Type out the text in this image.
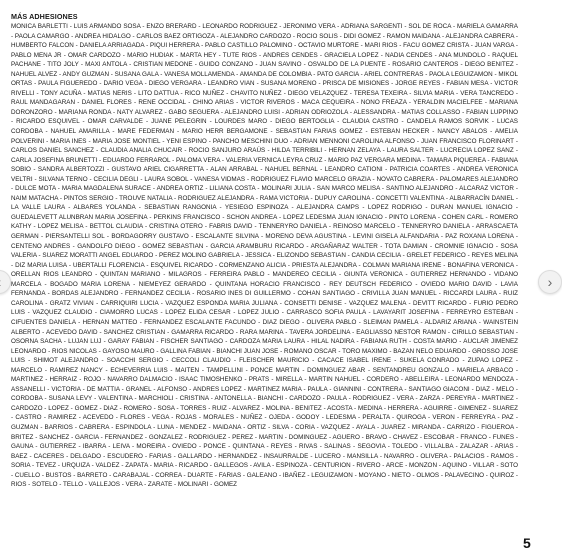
MÁS ADHESIONES

MONICA BARLETTI - LUIS ARMANDO SOSA - ENZO BRERARD - LEONARDO RODRIGUEZ - JERONIMO VERA - ADRIANA SARGENTI - SOL DE ROCA - MARIELA GAMARRA - PAOLA CAMARGO - ANDREA HIDALGO - CARLOS BAEZ ORTIGOZA - ALEJANDRO CARDOZO - ROCIO SOLIS - DIDI GOMEZ - RAMON MAIDANA - ALEJANDRA CABRERA - HUMBERTO FALCON - DANIELA ARRIAGADA - PIQUI HERRERA - PABLO CASTILLO PALOMINO - OCTAVIO MURTORE - MARI RIOS - FACU GOMEZ CRISTA - JUAN VARGA - PABLO MENA JR - OMAR CARDOZO - MARIO HUDIAK - MARTA HEY - TUTE RIOS - ANDRES CENDES - GRACIELA LOPEZ - NADIA CENDES - ANA MUNDOLO - RAQUEL PACHANE - TITO JOLY - MAXI ANTOLA - CRISTIAN MEDONE - GUIDO CONZANO - JUAN SAVINO - OSVALDO DE LA PUENTE - ROSARIO CANTEROS - DIEGO BENITEZ - NAHUEL ALVEZ - ANDY GUZMAN - SUSANA GALA - VANESA MOLLAMENDA - AMANDA DE COLOMBIA - PATO GARCIA - ARIEL CONTRERAS - PAOLA LEGUIZAMON - MIKOL ORTAS - PAULA FIGUEREDO - DARIO VEGA - DIEGO VERGARA - LEANDRO VIAN - SUSANA MORENO - PRISCA DE MISIONES - JORGE REYES - FABIAN MESA - VICTOR RIVELLI - TONY ACUÑA - MATIAS NERIS - LITO DATTUA - RICO NUÑEZ - CHAVITO NUÑEZ - DIEGO VELAZQUEZ - TERESA TEXEIRA - SILVIA MARIA - VERA TANCREDO - RAUL MANDAGARAN - DANIEL FLORES - RENE OCCIDAL - CHINO ARIAS - VICTOR RIVEROS - MACA CEQUEIRA - NONO FREAZA - YERALDIN MACIELFEE - MARIANA DORONZORO - MARIANA RONDA - NATY ALVAREZ - GABO SEGUERA - ALEJANDRO LUISI - ADRIAN ODRIOZOLA - ALESSANDRA - MATIAS COLLASSO - FABIAN LUPPINO - RICARDO ESQUIVEL - OMAR CARVALDE - JUANE PELEGRIN - LOURDES MARO - DIEGO BERTOGLIA - CLAUDIA CASTRO - CANDELA RAMOS SORVIK - LUCAS CORDOBA - NAHUEL AMARILLA - MARE FEDERMAN - MARIO HERR BERGAMONE - SEBASTIAN FARIAS GOMEZ - ESTEBAN HECKER - NANCY ABALOS - AMELIA POLVERINI - MARIA INES - MARIA JOSE MONTIEL - YENI ESPINO - PANCHO MESCHINI DUO - ADRIAN MENNONI CAROLINA ALFONSO - JUAN FRANCISCO FLORINART - CARLOS DANIEL SANCHEZ - CLAUDIA ANALIA CHUCAIR - ROCIO SANJURO ARAÚS - HILDA TERRIBILI - HERNAN ZELAYA - LAURA SALTER - LUCRECIA LOPEZ SANZ - CARLA JOSEFINA BRUNETTI - EDUARDO FERRAROL - PALOMA VERA - VALERIA VERNICA LEYRA CRUZ - MARIO PAZ VERGARA MEDINA - TAMARA PIQUEREA - FABIANA SOBIO - SANDRA ALBERTOZZI - GUSTAVO ARIEL CIGARRETTA - ALAN ARRABAL - NAHUEL BERNAL - LEANDRO CATIONI - PATRICIA COARTES - ANDREA VERONICA VELTRI - SILVANA TERNO - CECILIA DEGLI - LAURA SOBOL - VANESA VIDMAS - RODRIGUEZ FLAVIO MARCELO GRAZIA - NOVATO CABRERA - PALOMARES ALEJANDRO - DULCE MOTA - MARIA MAGDALENA SURACE - ANDREA ORTIZ - LILIANA COSTA - MOLINARI JULIA - SAN MARCO MELISA - SANTINO ALEJANDRO - ALCARAZ VICTOR - NAIM MATACHA - PINTOS SERGIO - TROUVE NATALIA - RODRIGUEZ ALEJANDRA - RAMA VICTORIA - DUPUY CAROLINA - CONCETTI VALENTINA - ALBARRACÍN DANIEL - LA VALLE LAURA - ALBARES YOLANDA - SEBASTIAN RANGONIA - YESIEGO ESPINOZA - ALEJANDRA CAMPS - LOPEZ RODRIGO - DURAN MANUEL IGNACIO - GUEDALEVETT ALUNBRAN MARIA JOSEFINA - PERKINS FRANCISCO - SCHON ANDREA - LOPEZ LEDESMA JUAN IGNACIO - PINTO LORENA - COHEN CARL - ROMERO KATHY - LOPEZ MELISA - BETTOL CLAUDIA - CRISTINA OTERO - FABRIS DAVID - TENNERYRO DANIELA - REINOSO MARCELO - TENNERYRO DANIELA - ARRASCAETA GERMAN - PIERSANTELLI SOL - BORDAGORRY GUSTAVO - ESCALANTE SILVINA - MORENO DEVA AGUSTINA - LEVINI GISELA ALFANDARIA - PAZ ROXANA LORENA - CENTENO ANDRES - GANDOLFO DIEGO - GOMEZ SEBASTIAN - GARCIA ARAMBURU RICARDO - ARGAÑARAZ WALTER - TOTA DAMIAN - CROMNIE IGNACIO - SOSA VALERIA - SUAREZ MORATTI ANGEL EDUARDO - PEREZ MOLINO GABRIELA - JESSICA - ELIZONDO SEBASTIAN - CANDIA CECILIA - GRELET FEDERICO - REYES MELINA - DIZ MARIA LUISA - UBERTALLI FLORENCIA - ESQUIVEL RICARDO - CORMENZANO ALICIA - PRIESTA ALEJANDRA - COLMAN MARIANA IRENE - BONAFINA VERONICA - ORELLAN RIOS LEANDRO - QUINTAN MARIANO - MILAGROS - FERREIRA PABLO - MANDEREO CECILIA - GIUNTA VERONICA - GUTIERREZ HERNANDO - VIDANO MARCELA - BOGADO MARIA LORENA - NIEMEYEZ GERARDO - QUINTANA HORACIO FRANCISCO - REY DEUTSCH FEDERICO - OVIEDO MARIO DAVID - LAVIA FERNANDA - BORDAS ALEJANDRO - FERNANDEZ CECILIA - ROSARIO INES DI GUILLERMO - COHAN SANTIAGO - CRIVILLA JUAN MANUEL - RICCARDI LAURA - RUIZ CAROLINA - GRATZ VIVIAN - CARRIQUIRI LUCIA - VAZQUEZ ESPONDA MARIA JULIANA - CONSETTI DENISE - VAZQUEZ MALENA - DEVITT RICARDO - FURIO PEDRO LUIS - VAZQUEZ CLAUDIO - CIAMORRO LUCAS - LOPEZ ELIDA CESAR - LOPEZ JULIO - CARRASCO SOFIA PAULA - LAVAYARIT JOSEFINA - FERREYRO ESTEBAN - CIFUENTES DANIELA - HERNAN MATTEO - FERNANDEZ ESCALANTE FACUNDO - DIAZ DIEGO - OLIVERA PABLO - SLEIMAN PAMELA - ALDARIZ ARIANA - WAINSTEIN ALBERTO - ACEVEDO DAVID - SANCHEZ CRISTIAN - GAMARRA RICARDO - RARA MARINA - TAVERA JORDELINA - EAGLIASSO NESTOR RAMON - CIRILLO SEBASTIAN - OSORNA SACHA - LUJAN LUJ - GARAY FABIAN - FISCHER SANTIAGO - CARDOZA MARIA LAURA - HILAL NADIRA - FABIANA RUTH - COSTA MARIO - AUCLAR JIMENEZ LEONARDO - RIOS NICOLAS - GAYOSO MAURO - GALLINA FABIAN - BIANCHI JUAN JOSE - ROMANO OSCAR - TORO MAXIMO - BAZAN NELO EDUARDO - GROSSO JOSE LUIS - SHIMOT ALEJANDRO - SOACCHI SERGIO - CECCOLI CLAUDIO - FLEISCHER MAURICIO - CACACE ISABEL IRENE - SUKELA CONRADO - ZUPAO LOPEZ - MARCELO - RAMIREZ NANCY - ECHEVERRIA LUIS - MAITEN - TAMPELLINI - PONCE MARTIN - DOMINGUEZ ABAR - SENTANDREU GONZALO - MARIELA ARBACO - MARTINEZ - HERRAIZ - ROJO - NAVARRO DALMACIO - ISAAC TIMOSHENKO - PRATS - MIRELLA - MARTIN NAHUEL - CORDERO - ABELLEIRA - LEONARDO MENDOZA - ASSANELLI - VICTORIA - DE MATTIA - GRANEL - ALFONSO - ANDRES LOPEZ - MARTINEZ MARIA - PAULA - GIANNINI - CONTRERA - SANTIAGO GIACONI - DIAZ - MELO - CORDOBA - SUSANA LEVY - VALENTINA - MARCHIOLI - CRISTINA - ANTONELLA - BIANCHI - CARDOZO - PAULA - RODRIGUEZ - VERA - ZARZA - PEREYRA - MARTINEZ - CARDOZO - LOPEZ - GOMEZ - DIAZ - ROMERO - SOSA - TORRES - RUIZ - ALVAREZ - MOLINA - BENITEZ - ACOSTA - MEDINA - HERRERA - AGUIRRE - GIMENEZ - SUAREZ - CASTRO - RAMIREZ - ACEVEDO - FLORES - VEGA - ROJAS - MORALES - NUÑEZ - OJEDA - GODOY - LEDESMA - PERALTA - QUIROGA - VERON - FERREYRA - PAZ - GUZMAN - BARRIOS - CABRERA - ESPINDOLA - LUNA - MENDEZ - MAIDANA - ORTIZ - SILVA - CORIA - VAZQUEZ - AYALA - JUAREZ - MIRANDA - CARRIZO - FIGUEROA - BRITEZ - SANCHEZ - GARCIA - FERNANDEZ - GONZALEZ - RODRIGUEZ - PEREZ - MARTIN - DOMINGUEZ - AGUERO - BRAVO - CHAVEZ - ESCOBAR - FRANCO - FUNES - GAUNA - GUTIERREZ - IBARRA - LEIVA - MOREIRA - OVIEDO - PONCE - QUINTANA - REYES - RIVAS - SALINAS - SEGOVIA - TOLEDO - VILLALBA - ZALAZAR - ARIAS - BAEZ - CACERES - DELGADO - ESCUDERO - FARIAS - GALLARDO - HERNANDEZ - INSAURRALDE - LUCERO - MANSILLA - NAVARRO - OLIVERA - PALACIOS - RAMOS - SORIA - TEVEZ - URQUIZA - VALDEZ - ZAPATA - MARIA - RICARDO - GALLEGOS - AVILA - ESPINOZA - CENTURION - RIVERO - ARCE - MONZON - AQUINO - VILLAR - SOTO - CUELLO - BUSTOS - BARRETO - CARABAJAL - CORREA - DUARTE - FARIAS - GALEANO - IBAÑEZ - LEGUIZAMON - MOYANO - NIETO - OLMOS - PALAVECINO - QUIROZ - RIOS - SOTELO - TELLO - VALLEJOS - VERA - ZARATE - MOLINARI - GOMEZ

›
5
